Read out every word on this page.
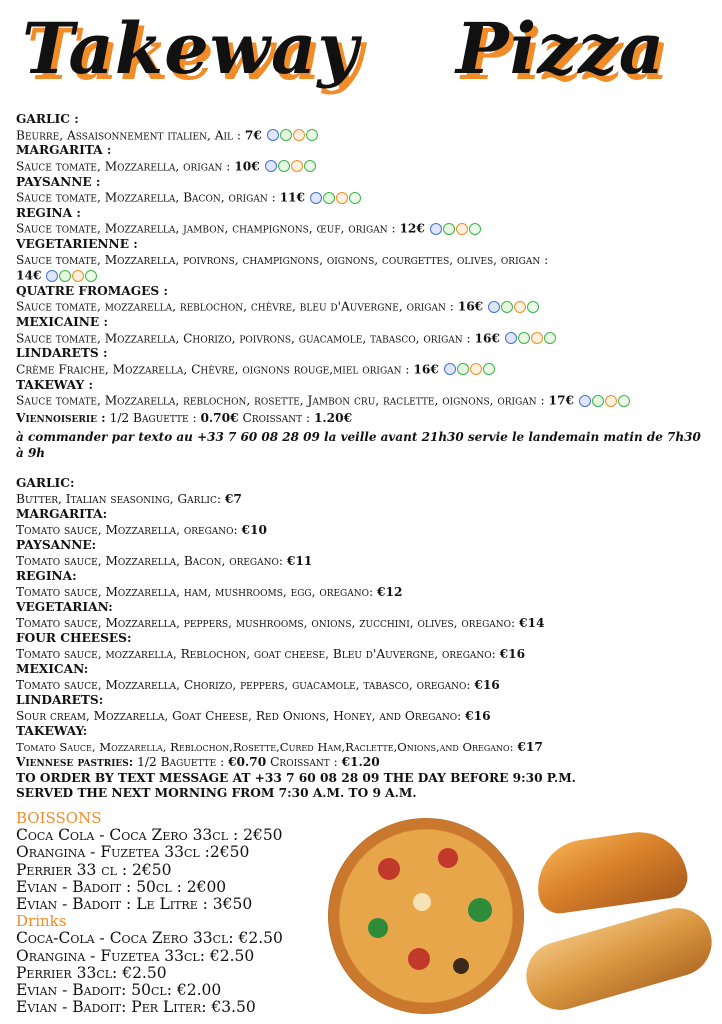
Takeway Pizza
GARLIC :
Beurre, Assaisonnement italien, Ail : 7€
MARGARITA :
Sauce tomate, Mozzarella, origan : 10€
PAYSANNE :
Sauce tomate, Mozzarella, Bacon, origan : 11€
REGINA :
Sauce tomate, Mozzarella, jambon, champignons, œuf, origan : 12€
VEGETARIENNE :
Sauce tomate, Mozzarella, poivrons, champignons, oignons, courgettes, olives, origan : 14€
QUATRE FROMAGES :
Sauce tomate, mozzarella, reblochon, chèvre, bleu d'Auvergne, origan : 16€
MEXICAINE :
Sauce tomate, Mozzarella, Chorizo, poivrons, guacamole, tabasco, origan : 16€
LINDARETS :
Crème Fraiche, Mozzarella, Chèvre, oignons rouge,miel origan : 16€
TAKEWAY :
Sauce tomate, Mozzarella, reblochon, rosette, Jambon cru, raclette, oignons, origan : 17€
Viennoiserie : 1/2 Baguette : 0.70€ Croissant : 1.20€
à commander par texto au +33 7 60 08 28 09 la veille avant 21h30 servie le landemain matin de 7h30 à 9h
GARLIC:
Butter, Italian seasoning, Garlic: €7
MARGARITA:
Tomato sauce, Mozzarella, oregano: €10
PAYSANNE:
Tomato sauce, Mozzarella, Bacon, oregano: €11
REGINA:
Tomato sauce, Mozzarella, ham, mushrooms, egg, oregano: €12
VEGETARIAN:
Tomato sauce, Mozzarella, peppers, mushrooms, onions, zucchini, olives, oregano: €14
FOUR CHEESES:
Tomato sauce, mozzarella, Reblochon, goat cheese, Bleu d'Auvergne, oregano: €16
MEXICAN:
Tomato sauce, Mozzarella, Chorizo, peppers, guacamole, tabasco, oregano: €16
LINDARETS:
Sour cream, Mozzarella, Goat Cheese, Red Onions, Honey, and Oregano: €16
TAKEWAY:
Tomato Sauce, Mozzarella, Reblochon,Rosette,Cured Ham,Raclette,Onions,and Oregano: €17
Viennese pastries: 1/2 Baguette : €0.70 Croissant : €1.20
TO ORDER BY TEXT MESSAGE AT +33 7 60 08 28 09 THE DAY BEFORE 9:30 P.M.
SERVED THE NEXT MORNING FROM 7:30 A.M. TO 9 A.M.
BOISSONS
Coca Cola - Coca Zero 33cl : 2€50
Orangina - Fuzetea 33cl :2€50
Perrier 33 cl : 2€50
Evian - Badoit : 50cl : 2€00
Evian - Badoit : Le Litre : 3€50
Drinks
Coca-Cola - Coca Zero 33cl: €2.50
Orangina - Fuzetea 33cl: €2.50
Perrier 33cl: €2.50
Evian - Badoit: 50cl: €2.00
Evian - Badoit: Per Liter: €3.50
